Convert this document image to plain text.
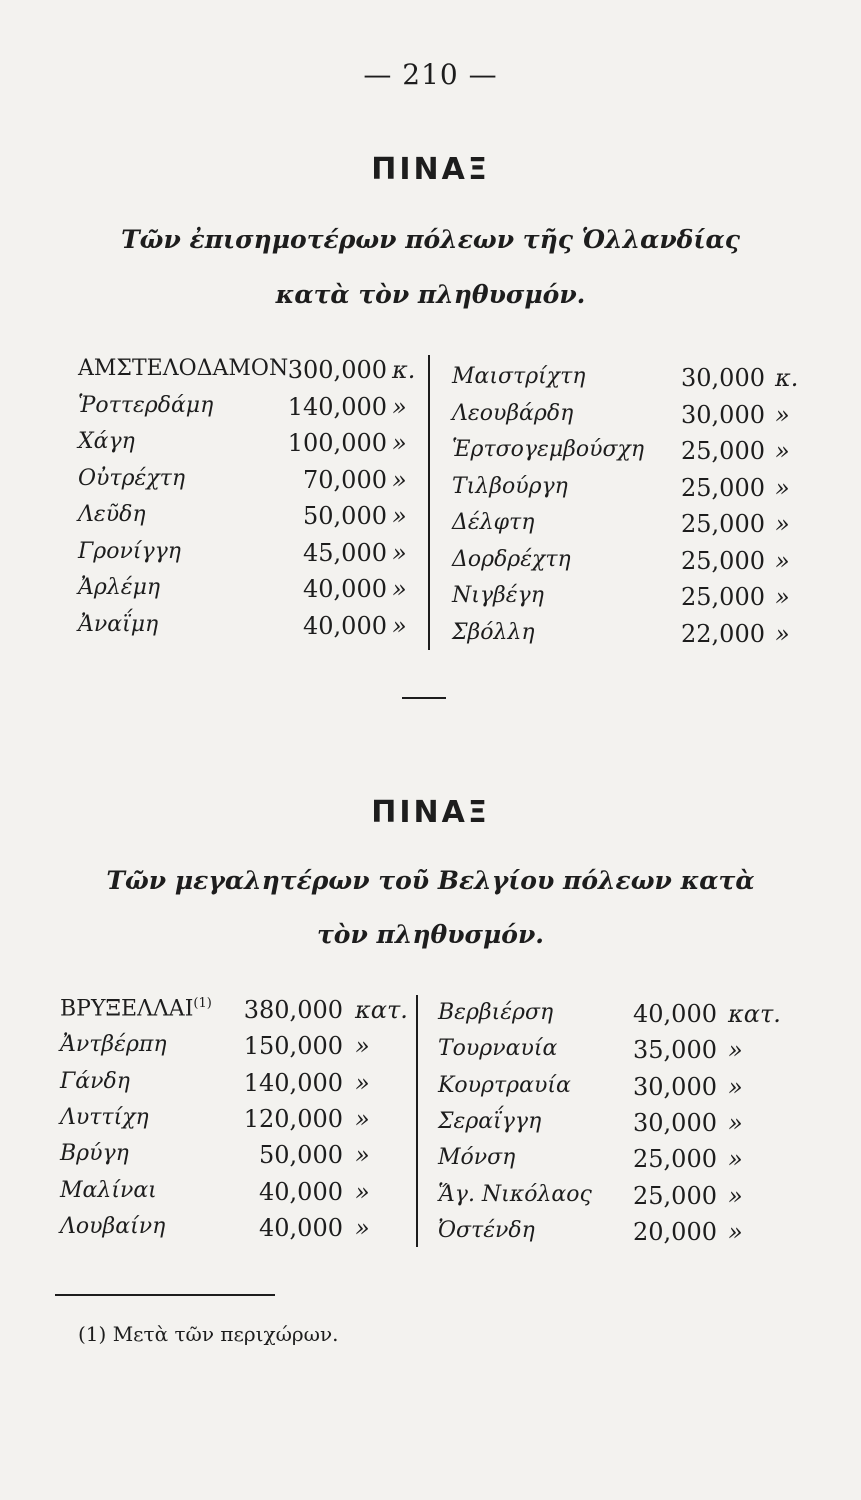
— 210 —
ΠΙΝΑΞ
Τῶν ἐπισημοτέρων πόλεων τῆς Ὁλλανδίας
κατὰ τὸν πληθυσμόν.
ΑΜΣΤΕΛΟΔΑΜΟΝ 300,000 κ.
Ῥοττερδάμη	140,000 »
Χάγη	100,000 »
Οὐτρέχτη	70,000 »
Λεῦδη	50,000 »
Γρονίγγη	45,000 »
Ἀρλέμη	40,000 »
Ἀναΐμη	40,000 »
Μαιστρίχτη	30,000 κ.
Λεουβάρδη	30,000 »
Ἑρτσογεμβούσχη	25,000 »
Τιλβούργη	25,000 »
Δέλφτη	25,000 »
Δορδρέχτη	25,000 »
Νιγβέγη	25,000 »
Σβόλλη	22,000 »
ΠΙΝΑΞ
Τῶν μεγαλητέρων τοῦ Βελγίου πόλεων κατὰ
τὸν πληθυσμόν.
ΒΡΥΞΕΛΛΑΙ$^{(1)}$	380,000 κατ.
Ἀντβέρπη	150,000 »
Γάνδη	140,000 »
Λυττίχη	120,000 »
Βρύγη	50,000 »
Μαλίναι	40,000 »
Λουβαίνη	40,000 »
Βερβιέρση	40,000 κατ.
Τουρναυία	35,000 »
Κουρτραυία	30,000 »
Σεραΐγγη	30,000 »
Μόνση	25,000 »
Ἅγ. Νικόλαος	25,000 »
Ὀστένδη	20,000 »
(1) Μετὰ τῶν περιχώρων.
